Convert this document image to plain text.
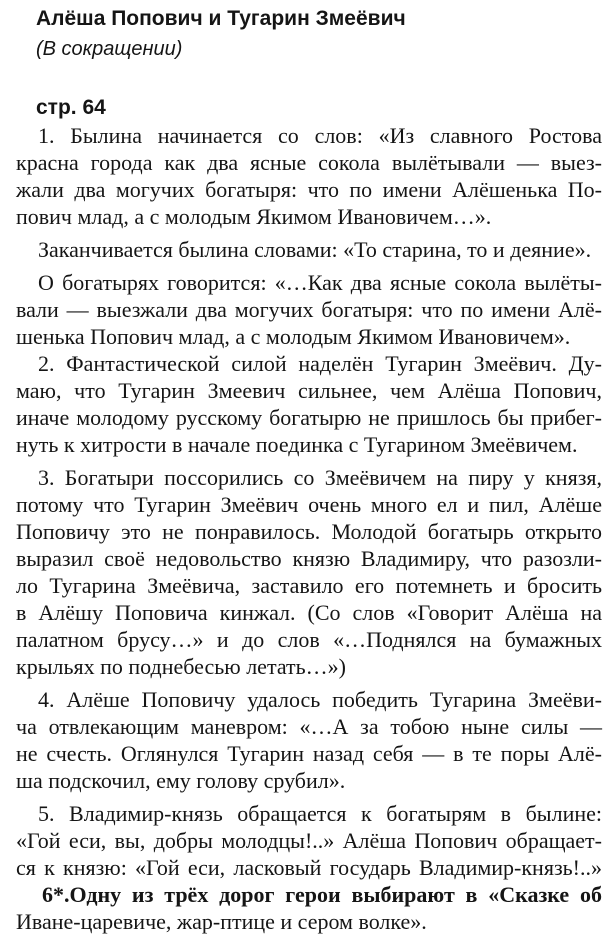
Алёша Попович и Тугарин Змеёвич
(В сокращении)
стр. 64
1. Былина начинается со слов: «Из славного Ростова
красна города как два ясные сокола вылётывали — выез-
жали два могучих богатыря: что по имени Алёшенька По-
пович млад, а с молодым Якимом Ивановичем…».
Заканчивается былина словами: «То старина, то и деяние».
О богатырях говорится: «…Как два ясные сокола вылёты-
вали — выезжали два могучих богатыря: что по имени Алё-
шенька Попович млад, а с молодым Якимом Ивановичем».
2. Фантастической силой наделён Тугарин Змеёвич. Ду-
маю, что Тугарин Змеевич сильнее, чем Алёша Попович,
иначе молодому русскому богатырю не пришлось бы прибег-
нуть к хитрости в начале поединка с Тугарином Змеёвичем.
3. Богатыри поссорились со Змеёвичем на пиру у князя,
потому что Тугарин Змеёвич очень много ел и пил, Алёше
Поповичу это не понравилось. Молодой богатырь открыто
выразил своё недовольство князю Владимиру, что разозли-
ло Тугарина Змеёвича, заставило его потемнеть и бросить
в Алёшу Поповича кинжал. (Со слов «Говорит Алёша на
палатном брусу…» и до слов «…Поднялся на бумажных
крыльях по поднебесью летать…»)
4. Алёше Поповичу удалось победить Тугарина Змеёви-
ча отвлекающим маневром: «…А за тобою ныне силы —
не счесть. Оглянулся Тугарин назад себя — в те поры Алё-
ша подскочил, ему голову срубил».
5. Владимир-князь обращается к богатырям в былине:
«Гой еси, вы, добры молодцы!..» Алёша Попович обращает-
ся к князю: «Гой еси, ласковый государь Владимир-князь!..»
6*.Одну из трёх дорог герои выбирают в «Сказке об
Иване-царевиче, жар-птице и сером волке».
